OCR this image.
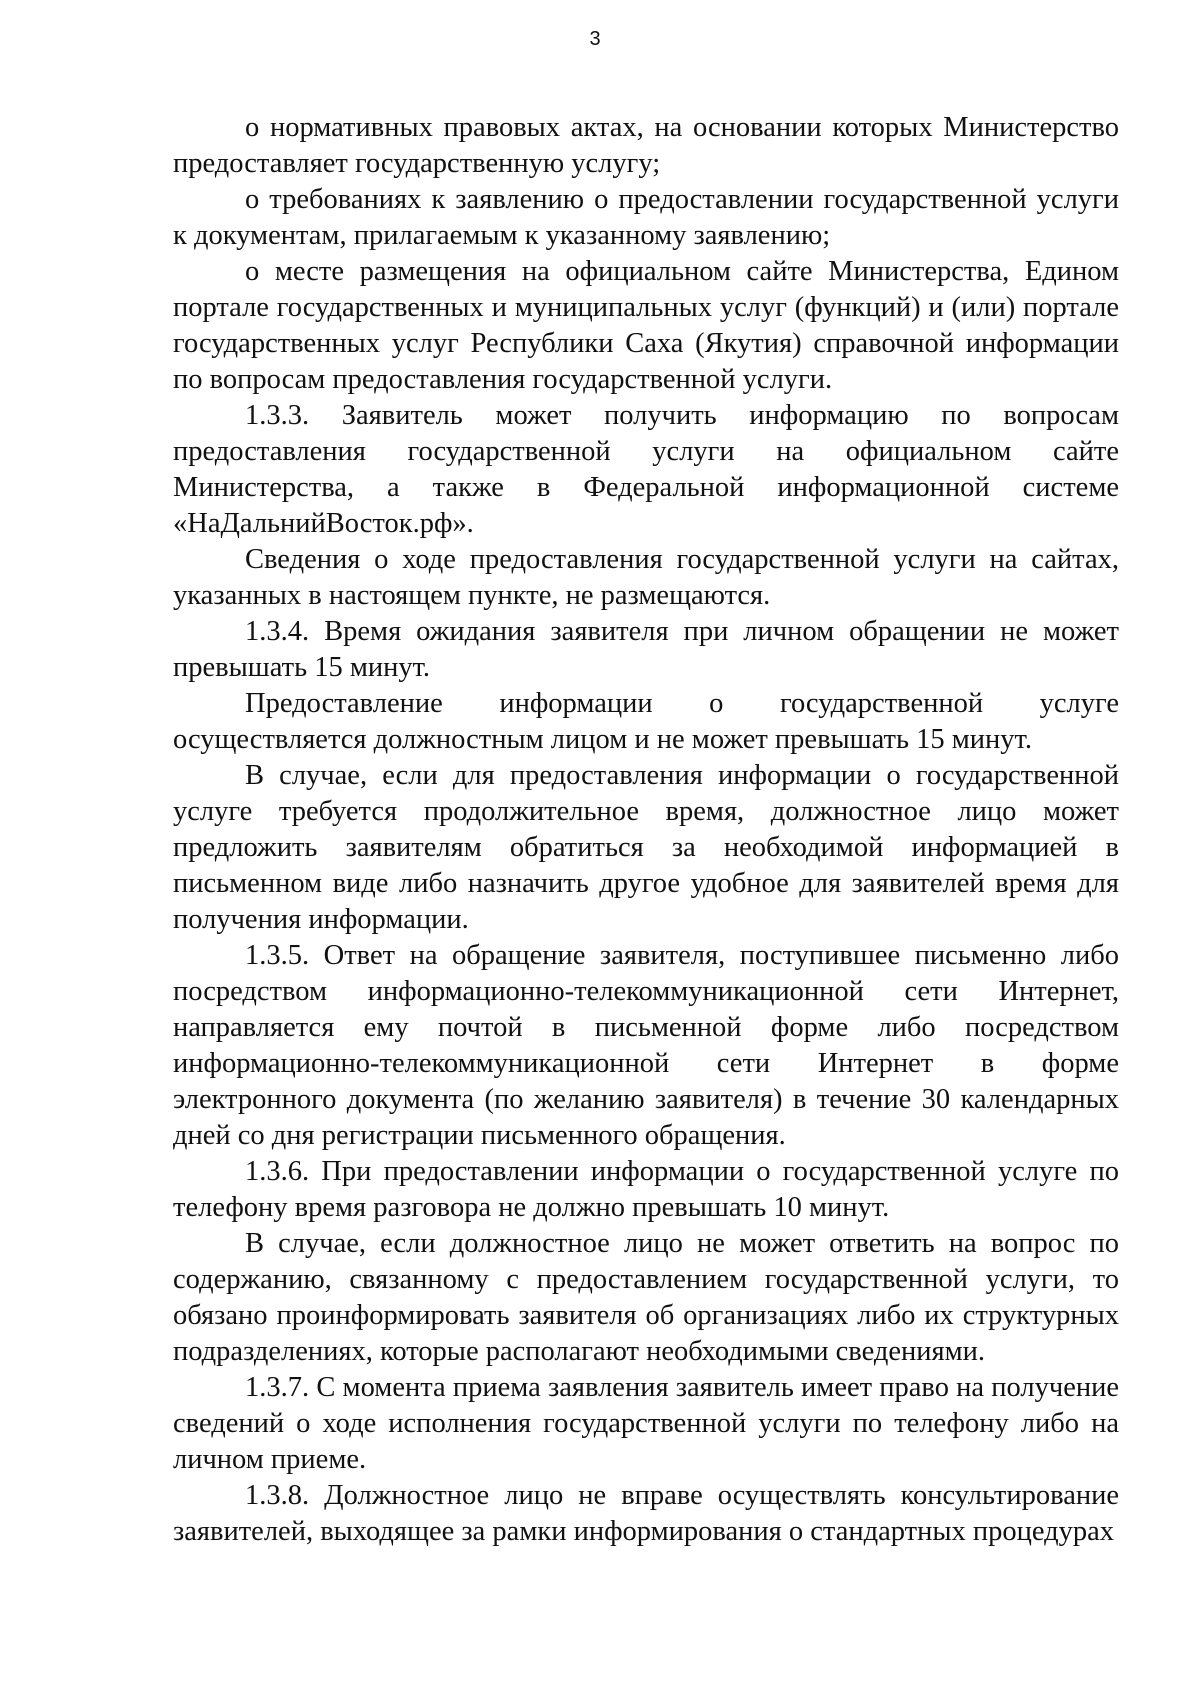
3

о нормативных правовых актах, на основании которых Министерство предоставляет государственную услугу;

о требованиях к заявлению о предоставлении государственной услуги к документам, прилагаемым к указанному заявлению;

о месте размещения на официальном сайте Министерства, Едином портале государственных и муниципальных услуг (функций) и (или) портале государственных услуг Республики Саха (Якутия) справочной информации по вопросам предоставления государственной услуги.

1.3.3. Заявитель может получить информацию по вопросам предоставления государственной услуги на официальном сайте Министерства, а также в Федеральной информационной системе «НаДальнийВосток.рф».

Сведения о ходе предоставления государственной услуги на сайтах, указанных в настоящем пункте, не размещаются.

1.3.4. Время ожидания заявителя при личном обращении не может превышать 15 минут.

Предоставление информации о государственной услуге осуществляется должностным лицом и не может превышать 15 минут.

В случае, если для предоставления информации о государственной услуге требуется продолжительное время, должностное лицо может предложить заявителям обратиться за необходимой информацией в письменном виде либо назначить другое удобное для заявителей время для получения информации.

1.3.5. Ответ на обращение заявителя, поступившее письменно либо посредством информационно-телекоммуникационной сети Интернет, направляется ему почтой в письменной форме либо посредством информационно-телекоммуникационной сети Интернет в форме электронного документа (по желанию заявителя) в течение 30 календарных дней со дня регистрации письменного обращения.

1.3.6. При предоставлении информации о государственной услуге по телефону время разговора не должно превышать 10 минут.

В случае, если должностное лицо не может ответить на вопрос по содержанию, связанному с предоставлением государственной услуги, то обязано проинформировать заявителя об организациях либо их структурных подразделениях, которые располагают необходимыми сведениями.

1.3.7. С момента приема заявления заявитель имеет право на получение сведений о ходе исполнения государственной услуги по телефону либо на личном приеме.

1.3.8. Должностное лицо не вправе осуществлять консультирование заявителей, выходящее за рамки информирования о стандартных процедурах
